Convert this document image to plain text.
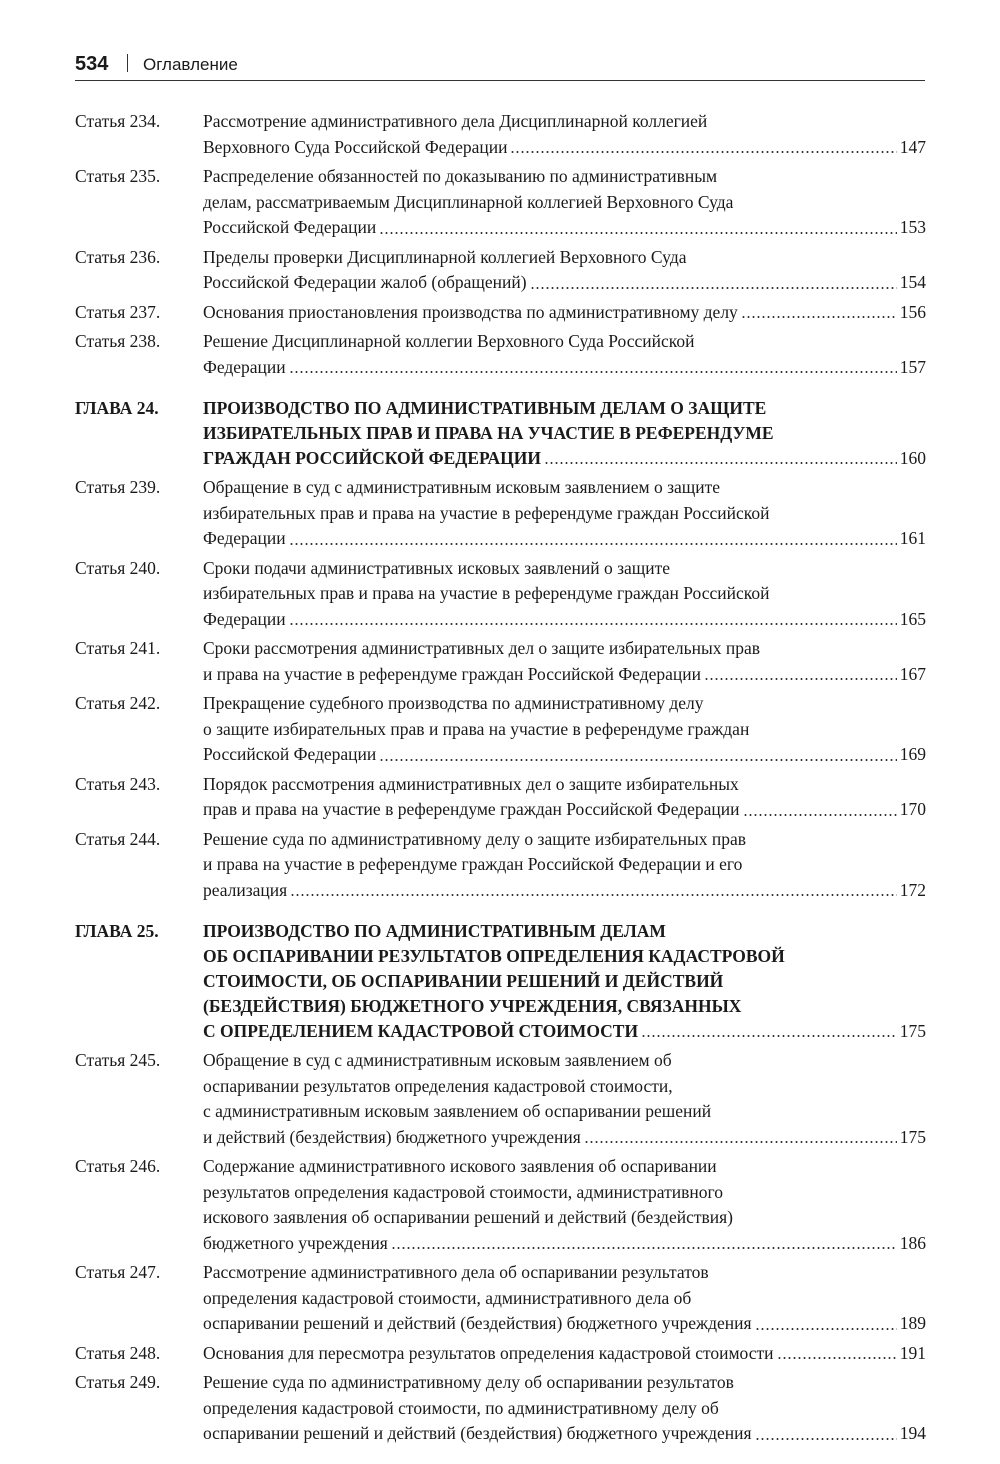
534 Оглавление
Статья 234.	Рассмотрение административного дела Дисциплинарной коллегией
Верховного Суда Российской Федерации	147
Статья 235.	Распределение обязанностей по доказыванию по административным
делам, рассматриваемым Дисциплинарной коллегией Верховного Суда
Российской Федерации	153
Статья 236.	Пределы проверки Дисциплинарной коллегией Верховного Суда
Российской Федерации жалоб (обращений)	154
Статья 237.	Основания приостановления производства по административному делу	156
Статья 238.	Решение Дисциплинарной коллегии Верховного Суда Российской
Федерации	157
ГЛАВА 24.	ПРОИЗВОДСТВО ПО АДМИНИСТРАТИВНЫМ ДЕЛАМ О ЗАЩИТЕ
ИЗБИРАТЕЛЬНЫХ ПРАВ И ПРАВА НА УЧАСТИЕ В РЕФЕРЕНДУМЕ
ГРАЖДАН РОССИЙСКОЙ ФЕДЕРАЦИИ	160
Статья 239.	Обращение в суд с административным исковым заявлением о защите
избирательных прав и права на участие в референдуме граждан Российской
Федерации	161
Статья 240.	Сроки подачи административных исковых заявлений о защите
избирательных прав и права на участие в референдуме граждан Российской
Федерации	165
Статья 241.	Сроки рассмотрения административных дел о защите избирательных прав
и права на участие в референдуме граждан Российской Федерации	167
Статья 242.	Прекращение судебного производства по административному делу
о защите избирательных прав и права на участие в референдуме граждан
Российской Федерации	169
Статья 243.	Порядок рассмотрения административных дел о защите избирательных
прав и права на участие в референдуме граждан Российской Федерации	170
Статья 244.	Решение суда по административному делу о защите избирательных прав
и права на участие в референдуме граждан Российской Федерации и его
реализация	172
ГЛАВА 25.	ПРОИЗВОДСТВО ПО АДМИНИСТРАТИВНЫМ ДЕЛАМ
ОБ ОСПАРИВАНИИ РЕЗУЛЬТАТОВ ОПРЕДЕЛЕНИЯ КАДАСТРОВОЙ
СТОИМОСТИ, ОБ ОСПАРИВАНИИ РЕШЕНИЙ И ДЕЙСТВИЙ
(БЕЗДЕЙСТВИЯ) БЮДЖЕТНОГО УЧРЕЖДЕНИЯ, СВЯЗАННЫХ
С ОПРЕДЕЛЕНИЕМ КАДАСТРОВОЙ СТОИМОСТИ	175
Статья 245.	Обращение в суд с административным исковым заявлением об
оспаривании результатов определения кадастровой стоимости,
с административным исковым заявлением об оспаривании решений
и действий (бездействия) бюджетного учреждения	175
Статья 246.	Содержание административного искового заявления об оспаривании
результатов определения кадастровой стоимости, административного
искового заявления об оспаривании решений и действий (бездействия)
бюджетного учреждения	186
Статья 247.	Рассмотрение административного дела об оспаривании результатов
определения кадастровой стоимости, административного дела об
оспаривании решений и действий (бездействия) бюджетного учреждения	189
Статья 248.	Основания для пересмотра результатов определения кадастровой стоимости	191
Статья 249.	Решение суда по административному делу об оспаривании результатов
определения кадастровой стоимости, по административному делу об
оспаривании решений и действий (бездействия) бюджетного учреждения	194
